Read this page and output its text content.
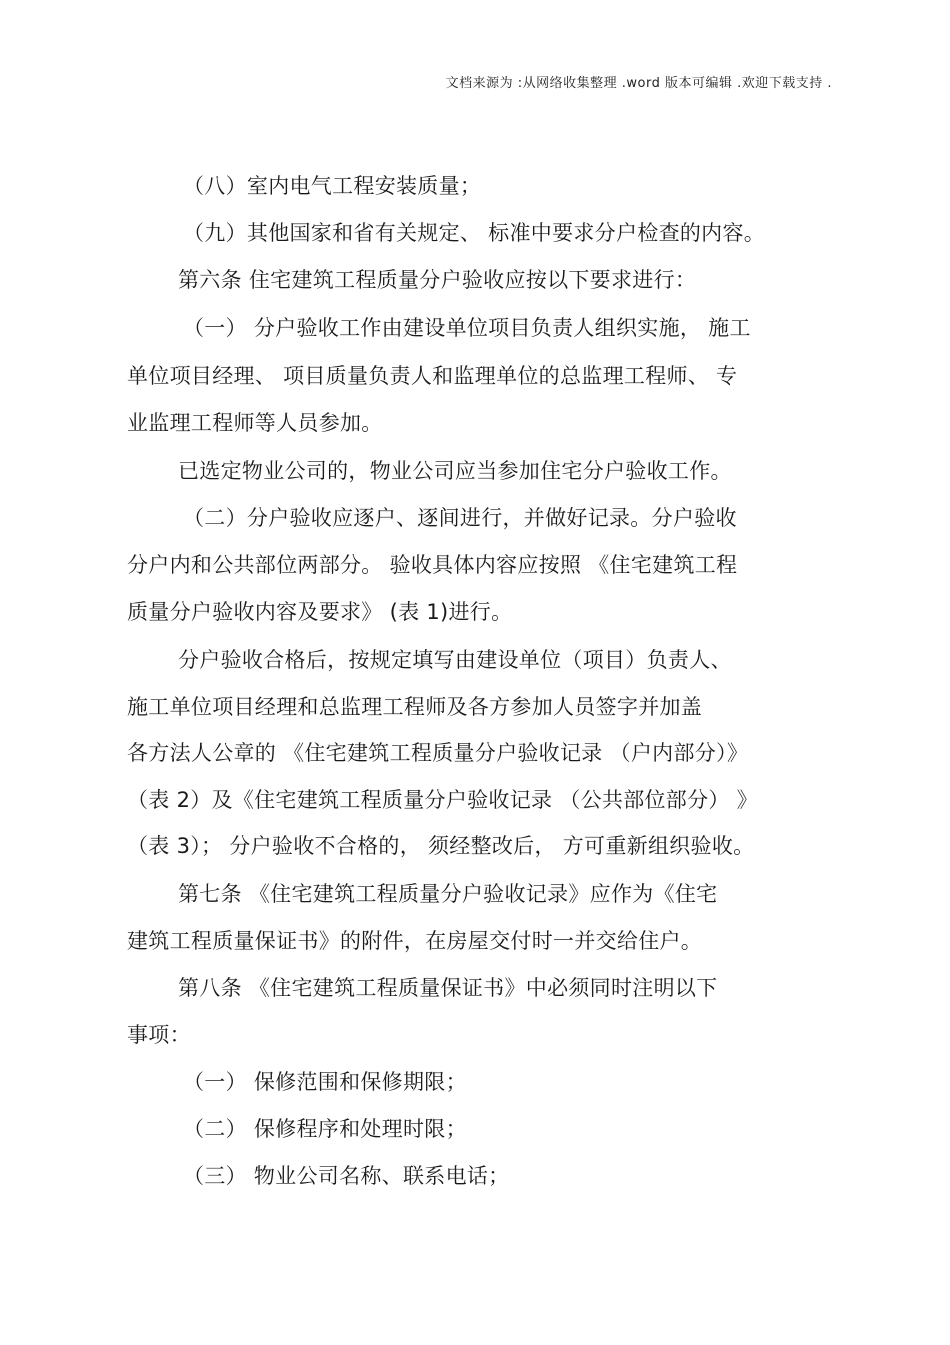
文档来源为 :从网络收集整理 .word 版本可编辑 .欢迎下载支持 .
（八）室内电气工程安装质量；
（九）其他国家和省有关规定、 标准中要求分户检查的内容。
第六条 住宅建筑工程质量分户验收应按以下要求进行：
（一） 分户验收工作由建设单位项目负责人组织实施， 施工
单位项目经理、 项目质量负责人和监理单位的总监理工程师、 专
业监理工程师等人员参加。
已选定物业公司的，物业公司应当参加住宅分户验收工作。
（二）分户验收应逐户、逐间进行，并做好记录。分户验收
分户内和公共部位两部分。 验收具体内容应按照 《住宅建筑工程
质量分户验收内容及要求》 (表 1)进行。
分户验收合格后，按规定填写由建设单位（项目）负责人、
施工单位项目经理和总监理工程师及各方参加人员签字并加盖
各方法人公章的 《住宅建筑工程质量分户验收记录 （户内部分）》
（表 2）及《住宅建筑工程质量分户验收记录 （公共部位部分） 》
（表 3）； 分户验收不合格的， 须经整改后， 方可重新组织验收。
第七条 《住宅建筑工程质量分户验收记录》应作为《住宅
建筑工程质量保证书》的附件，在房屋交付时一并交给住户。
第八条 《住宅建筑工程质量保证书》中必须同时注明以下
事项：
（一） 保修范围和保修期限；
（二） 保修程序和处理时限；
（三） 物业公司名称、联系电话；
